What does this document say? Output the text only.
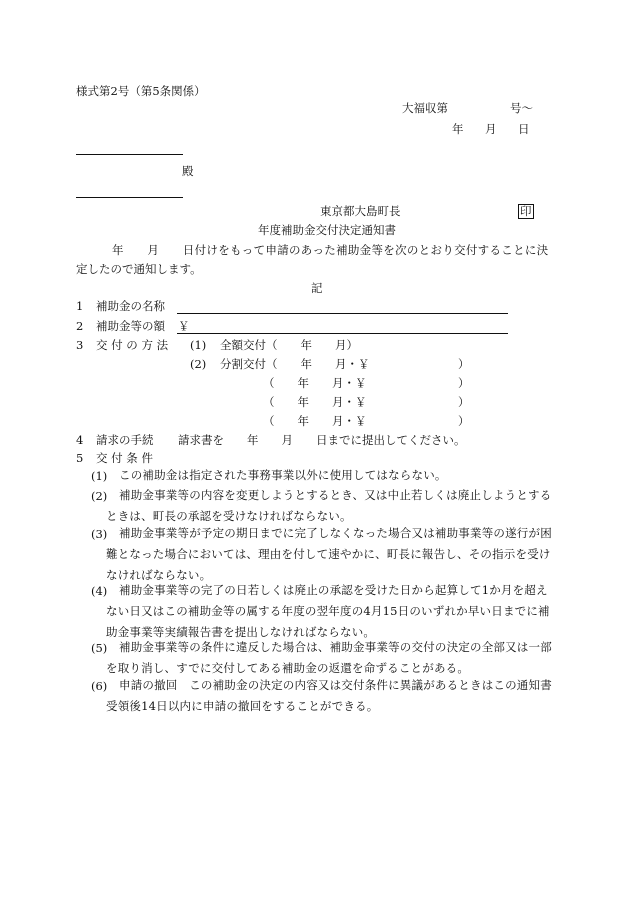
様式第2号（第5条関係）
大福収第	号～
年 月 日
殿
東京都大島町長	印
年度補助金交付決定通知書
年　　月　　日付けをもって申請のあった補助金等を次のとおり交付することに決
定したので通知します。
記
1 補助金の名称
2 補助金等の額 ￥
3 交 付 の 方 法 (1) 全額交付（　　年　　月）
(2) 分割交付（　　年　　月・￥	）
（　　年　　月・￥	）
（　　年　　月・￥	）
（　　年　　月・￥	）
4 請求の手続 請求書を　　年　　月　　日までに提出してください。
5 交 付 条 件
(1) この補助金は指定された事務事業以外に使用してはならない。
(2)	補助金事業等の内容を変更しようとするとき、又は中止若しくは廃止しようとするときは、町長の承認を受けなければならない。
(3)	補助金事業等が予定の期日までに完了しなくなった場合又は補助事業等の遂行が困難となった場合においては、理由を付して速やかに、町長に報告し、その指示を受けなければならない。
(4)	補助金事業等の完了の日若しくは廃止の承認を受けた日から起算して1か月を超えない日又はこの補助金等の属する年度の翌年度の4月15日のいずれか早い日までに補助金事業等実績報告書を提出しなければならない。
(5)	補助金事業等の条件に違反した場合は、補助金事業等の交付の決定の全部又は一部を取り消し、すでに交付してある補助金の返還を命ずることがある。
(6)	申請の撤回　この補助金の決定の内容又は交付条件に異議があるときはこの通知書受領後14日以内に申請の撤回をすることができる。
